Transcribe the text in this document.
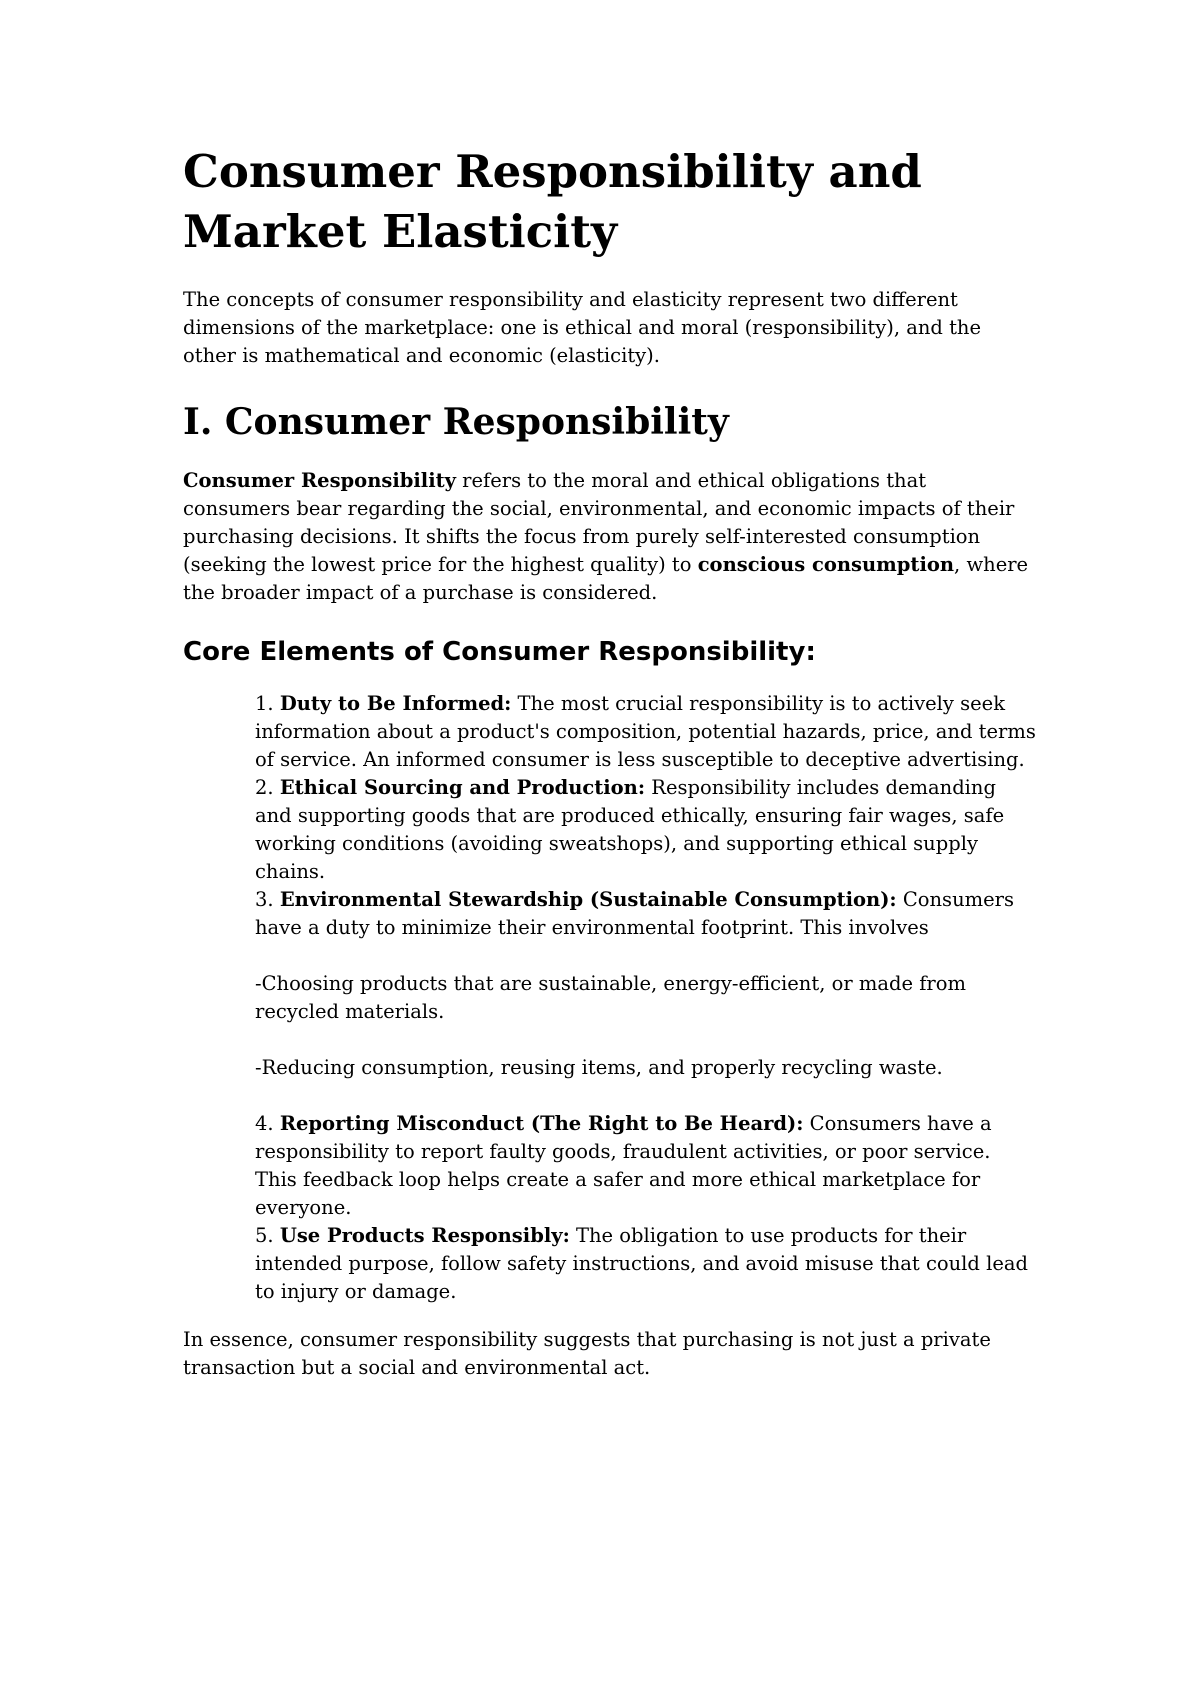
Consumer Responsibility and Market Elasticity

The concepts of consumer responsibility and elasticity represent two different dimensions of the marketplace: one is ethical and moral (responsibility), and the other is mathematical and economic (elasticity).

I. Consumer Responsibility

Consumer Responsibility refers to the moral and ethical obligations that consumers bear regarding the social, environmental, and economic impacts of their purchasing decisions. It shifts the focus from purely self-interested consumption (seeking the lowest price for the highest quality) to conscious consumption, where the broader impact of a purchase is considered.

Core Elements of Consumer Responsibility:

1. Duty to Be Informed: The most crucial responsibility is to actively seek information about a product's composition, potential hazards, price, and terms of service. An informed consumer is less susceptible to deceptive advertising.

2. Ethical Sourcing and Production: Responsibility includes demanding and supporting goods that are produced ethically, ensuring fair wages, safe working conditions (avoiding sweatshops), and supporting ethical supply chains.

3. Environmental Stewardship (Sustainable Consumption): Consumers have a duty to minimize their environmental footprint. This involves

-Choosing products that are sustainable, energy-efficient, or made from recycled materials.

-Reducing consumption, reusing items, and properly recycling waste.

4. Reporting Misconduct (The Right to Be Heard): Consumers have a responsibility to report faulty goods, fraudulent activities, or poor service. This feedback loop helps create a safer and more ethical marketplace for everyone.

5. Use Products Responsibly: The obligation to use products for their intended purpose, follow safety instructions, and avoid misuse that could lead to injury or damage.

In essence, consumer responsibility suggests that purchasing is not just a private transaction but a social and environmental act.
